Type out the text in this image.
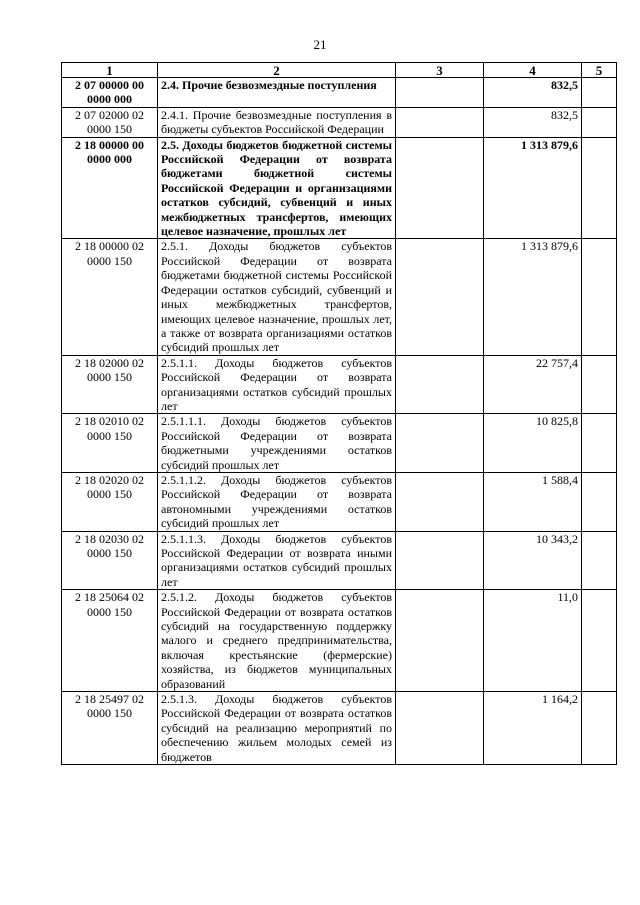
21
1	2	3	4	5
2 07 00000 00 0000 000	2.4. Прочие безвозмездные поступления		832,5	
2 07 02000 02 0000 150	2.4.1. Прочие безвозмездные поступления в бюджеты субъектов Российской Федерации		832,5	
2 18 00000 00 0000 000	2.5. Доходы бюджетов бюджетной системы Российской Федерации от возврата бюджетами бюджетной системы Российской Федерации и организациями остатков субсидий, субвенций и иных межбюджетных трансфертов, имеющих целевое назначение, прошлых лет		1 313 879,6	
2 18 00000 02 0000 150	2.5.1. Доходы бюджетов субъектов Российской Федерации от возврата бюджетами бюджетной системы Российской Федерации остатков субсидий, субвенций и иных межбюджетных трансфертов, имеющих целевое назначение, прошлых лет, а также от возврата организациями остатков субсидий прошлых лет		1 313 879,6	
2 18 02000 02 0000 150	2.5.1.1. Доходы бюджетов субъектов Российской Федерации от возврата организациями остатков субсидий прошлых лет		22 757,4	
2 18 02010 02 0000 150	2.5.1.1.1. Доходы бюджетов субъектов Российской Федерации от возврата бюджетными учреждениями остатков субсидий прошлых лет		10 825,8	
2 18 02020 02 0000 150	2.5.1.1.2. Доходы бюджетов субъектов Российской Федерации от возврата автономными учреждениями остатков субсидий прошлых лет		1 588,4	
2 18 02030 02 0000 150	2.5.1.1.3. Доходы бюджетов субъектов Российской Федерации от возврата иными организациями остатков субсидий прошлых лет		10 343,2	
2 18 25064 02 0000 150	2.5.1.2. Доходы бюджетов субъектов Российской Федерации от возврата остатков субсидий на государственную поддержку малого и среднего предпринимательства, включая крестьянские (фермерские) хозяйства, из бюджетов муниципальных образований		11,0	
2 18 25497 02 0000 150	2.5.1.3. Доходы бюджетов субъектов Российской Федерации от возврата остатков субсидий на реализацию мероприятий по обеспечению жильем молодых семей из бюджетов		1 164,2	
